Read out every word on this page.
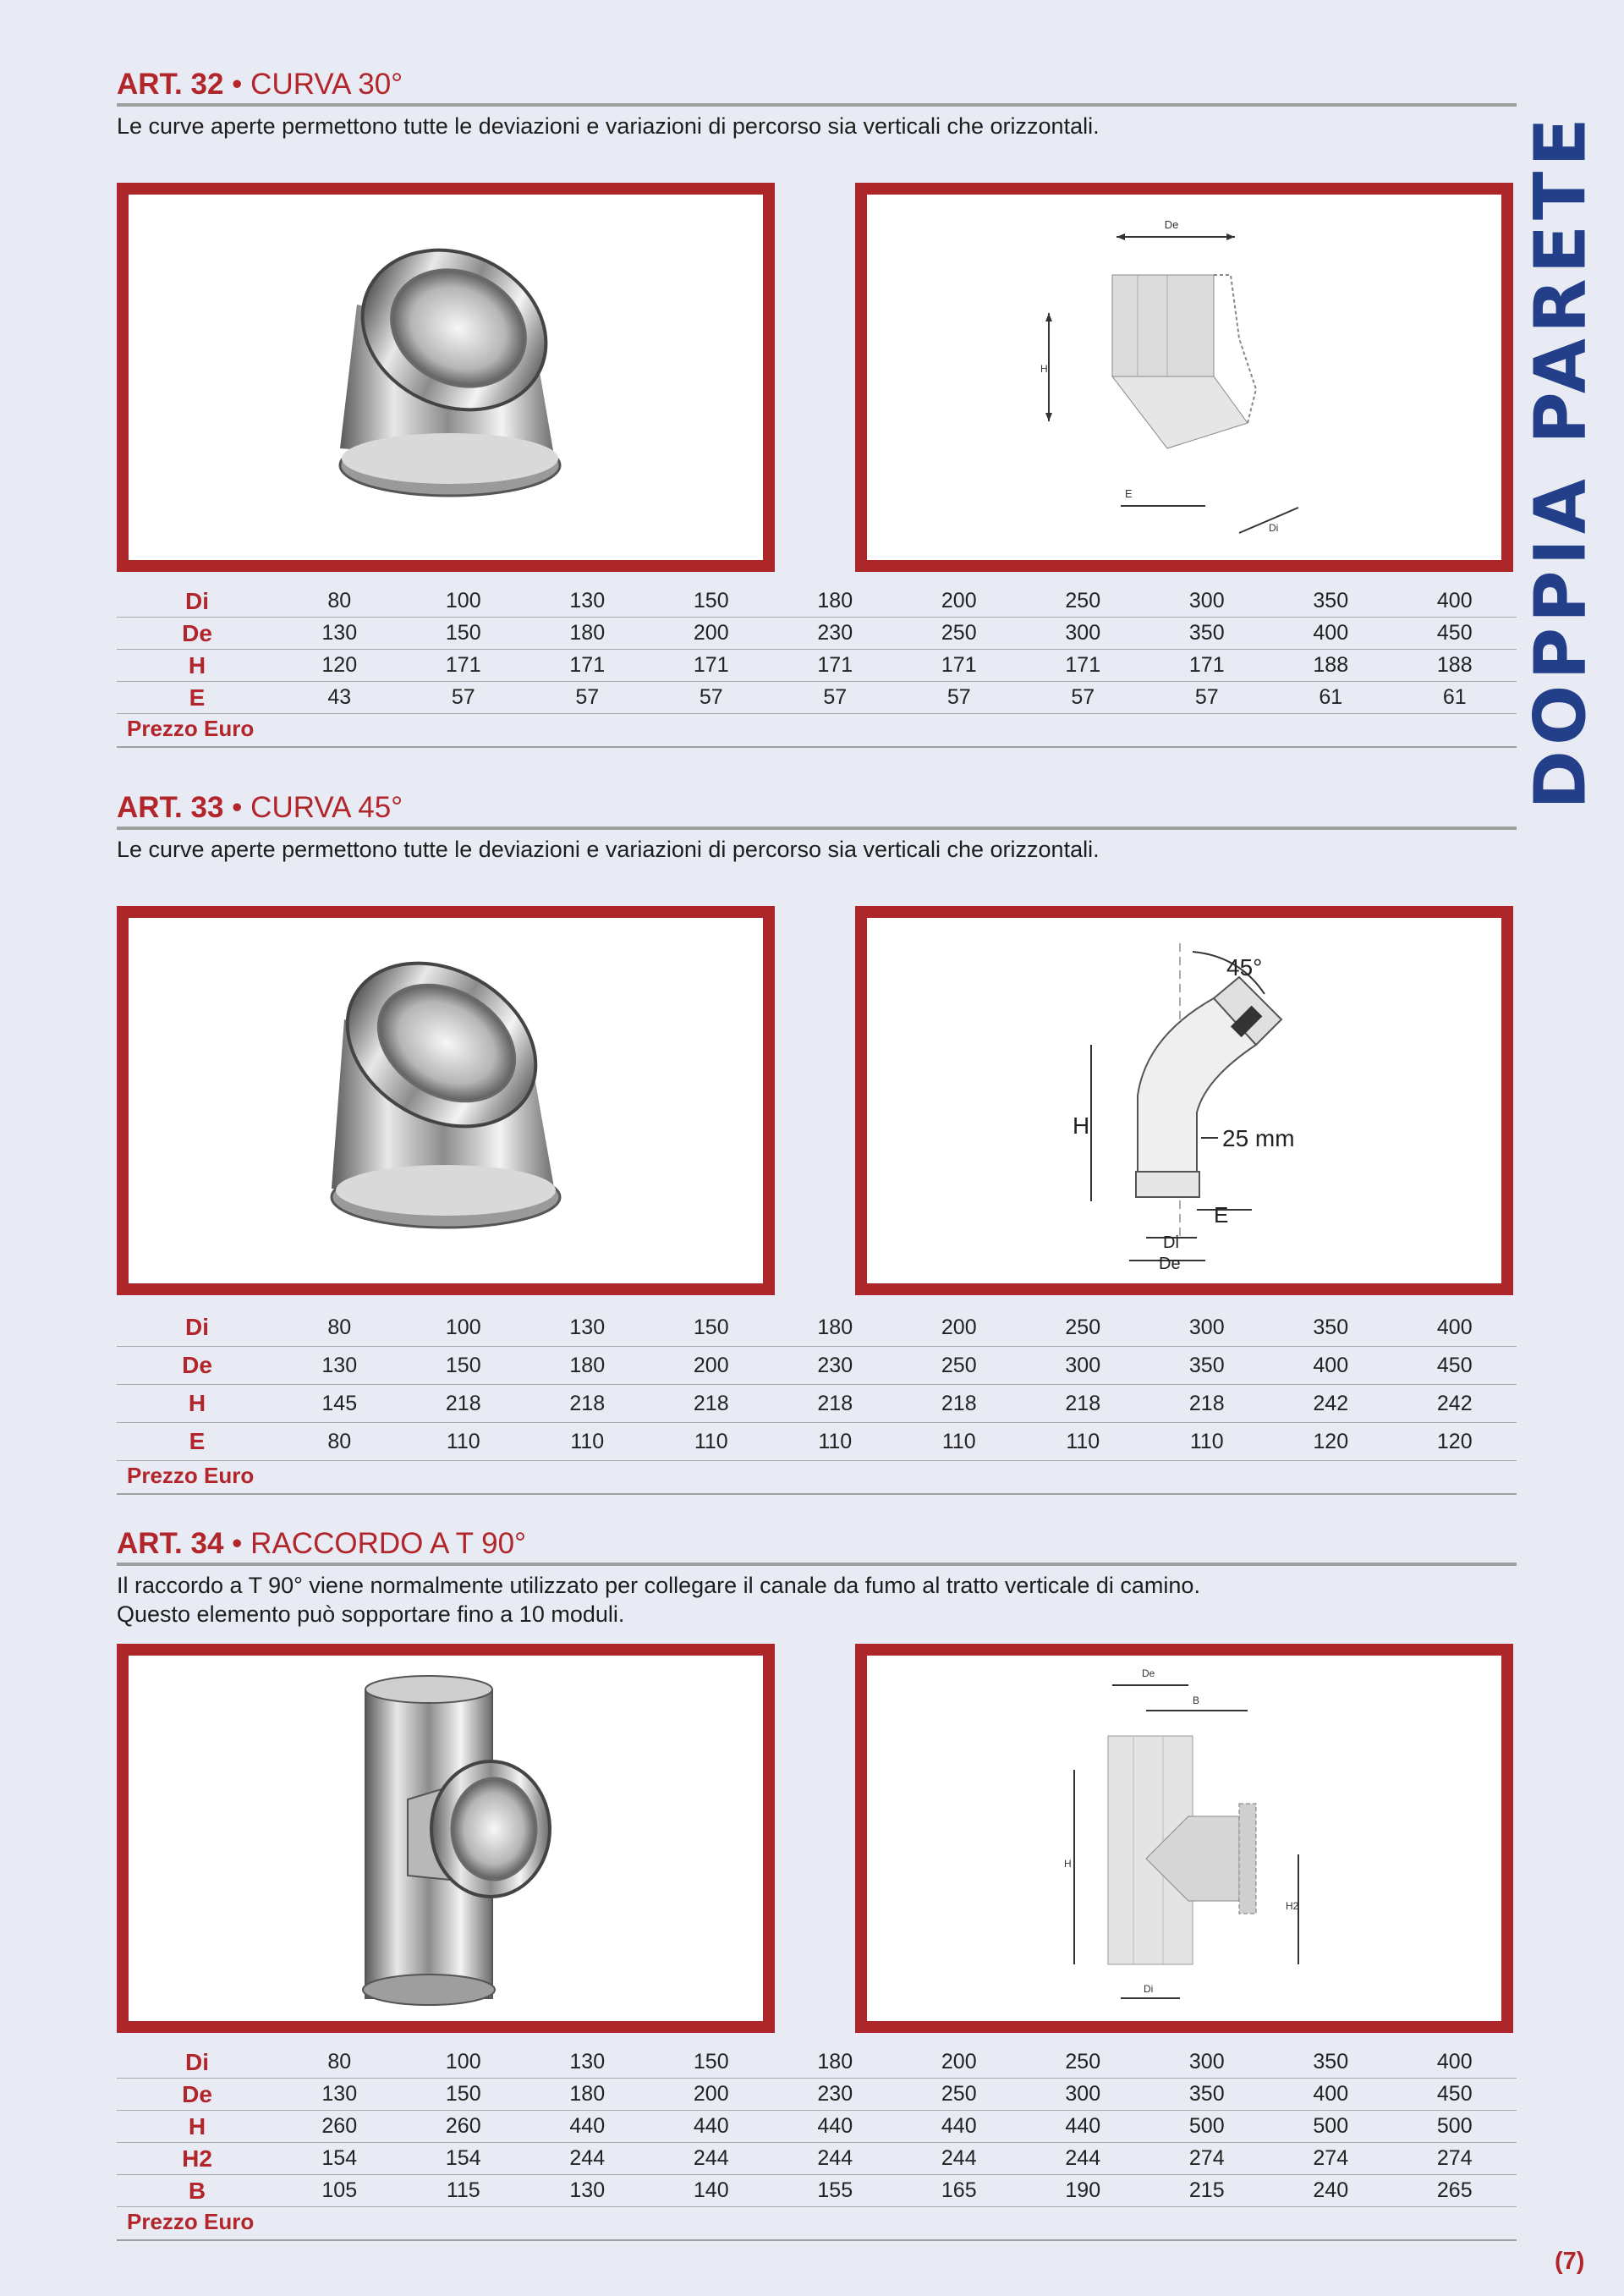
DOPPIA PARETE
ART. 32 • CURVA 30°

Le curve aperte permettono tutte le deviazioni e variazioni di percorso sia verticali che orizzontali.

De
H
E
Di
Di	80	100	130	150	180	200	250	300	350	400
De	130	150	180	200	230	250	300	350	400	450
H	120	171	171	171	171	171	171	171	188	188
E	43	57	57	57	57	57	57	57	61	61
Prezzo Euro
ART. 33 • CURVA 45°

Le curve aperte permettono tutte le deviazioni e variazioni di percorso sia verticali che orizzontali.

45°
H	25 mm
E
Di
De
Di	80	100	130	150	180	200	250	300	350	400
De	130	150	180	200	230	250	300	350	400	450
H	145	218	218	218	218	218	218	218	242	242
E	80	110	110	110	110	110	110	110	120	120
Prezzo Euro
ART. 34 • RACCORDO A T 90°

Il raccordo a T 90° viene normalmente utilizzato per collegare il canale da fumo al tratto verticale di camino.
Questo elemento può sopportare fino a 10 moduli.

De
B
H
H2
Di
Di	80	100	130	150	180	200	250	300	350	400
De	130	150	180	200	230	250	300	350	400	450
H	260	260	440	440	440	440	440	500	500	500
H2	154	154	244	244	244	244	244	274	274	274
B	105	115	130	140	155	165	190	215	240	265
Prezzo Euro
(7)
